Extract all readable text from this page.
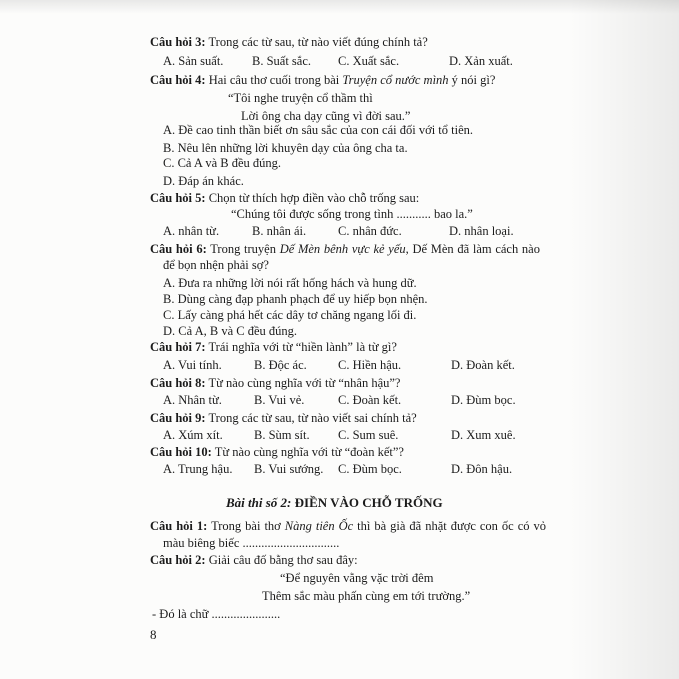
Câu hỏi 3: Trong các từ sau, từ nào viết đúng chính tả?
A. Sản suất. B. Suất sắc. C. Xuất sắc.	D. Xản xuất.
Câu hỏi 4: Hai câu thơ cuối trong bài Truyện cổ nước mình ý nói gì?
“Tôi nghe truyện cổ thầm thì
Lời ông cha dạy cũng vì đời sau.”
A. Đề cao tinh thần biết ơn sâu sắc của con cái đối với tổ tiên.
B. Nêu lên những lời khuyên dạy của ông cha ta.
C. Cả A và B đều đúng.
D. Đáp án khác.
Câu hỏi 5: Chọn từ thích hợp điền vào chỗ trống sau:
“Chúng tôi được sống trong tình ........... bao la.”
A. nhân từ.	B. nhân ái.	C. nhân đức.	D. nhân loại.
Câu hỏi 6: Trong truyện Dế Mèn bênh vực kẻ yếu, Dế Mèn đã làm cách nào
để bọn nhện phải sợ?
A. Đưa ra những lời nói rất hống hách và hung dữ.
B. Dùng càng đạp phanh phạch để uy hiếp bọn nhện.
C. Lấy càng phá hết các dây tơ chăng ngang lối đi.
D. Cả A, B và C đều đúng.
Câu hỏi 7: Trái nghĩa với từ “hiền lành” là từ gì?
A. Vui tính.	B. Độc ác. C. Hiền hậu.	D. Đoàn kết.
Câu hỏi 8: Từ nào cùng nghĩa với từ “nhân hậu”?
A. Nhân từ.	B. Vui vẻ.	C. Đoàn kết.	D. Đùm bọc.
Câu hỏi 9: Trong các từ sau, từ nào viết sai chính tả?
A. Xúm xít.	B. Sùm sít. C. Sum suê.	D. Xum xuê.
Câu hỏi 10: Từ nào cùng nghĩa với từ “đoàn kết”?
A. Trung hậu. B. Vui sướng. C. Đùm bọc.	D. Đôn hậu.
Bài thi số 2: ĐIỀN VÀO CHỖ TRỐNG
Câu hỏi 1: Trong bài thơ Nàng tiên Ốc thì bà già đã nhặt được con ốc có vỏ
màu biêng biếc ...............................
Câu hỏi 2: Giải câu đố bằng thơ sau đây:
“Để nguyên vằng vặc trời đêm
Thêm sắc màu phấn cùng em tới trường.”
- Đó là chữ ......................
8
